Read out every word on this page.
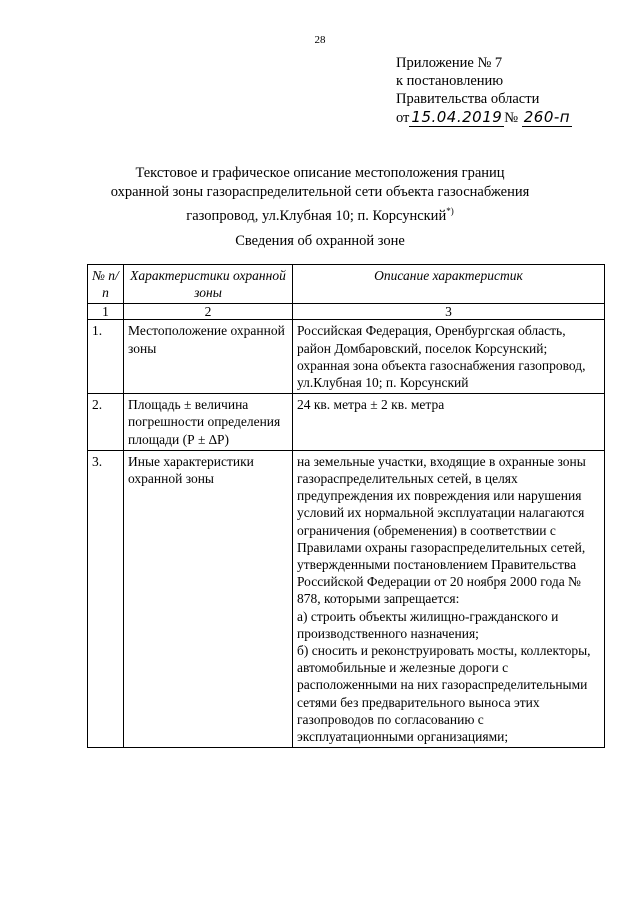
28
Приложение № 7
к постановлению
Правительства области
от 15.04.2019 № 260-п
Текстовое и графическое описание местоположения границ
охранной зоны газораспределительной сети объекта газоснабжения
газопровод, ул.Клубная 10; п. Корсунский*)
Сведения об охранной зоне
№ п/п	Характеристики охранной зоны	Описание характеристик
1	2	3
1.	Местоположение охранной зоны	Российская Федерация, Оренбургская область, район Домбаровский, поселок Корсунский; охранная зона объекта газоснабжения газопровод, ул.Клубная 10; п. Корсунский
2.	Площадь ± величина погрешности определения площади (Р ± ∆Р)	24 кв. метра ± 2 кв. метра
3.	Иные характеристики охранной зоны	на земельные участки, входящие в охранные зоны газораспределительных сетей, в целях предупреждения их повреждения или нарушения условий их нормальной эксплуатации налагаются ограничения (обременения) в соответствии с Правилами охраны газораспределительных сетей, утвержденными постановлением Правительства Российской Федерации от 20 ноября 2000 года № 878, которыми запрещается:
а) строить объекты жилищно-гражданского и производственного назначения;
б) сносить и реконструировать мосты, коллекторы, автомобильные и железные дороги с расположенными на них газораспределительными сетями без предварительного выноса этих газопроводов по согласованию с эксплуатационными организациями;
